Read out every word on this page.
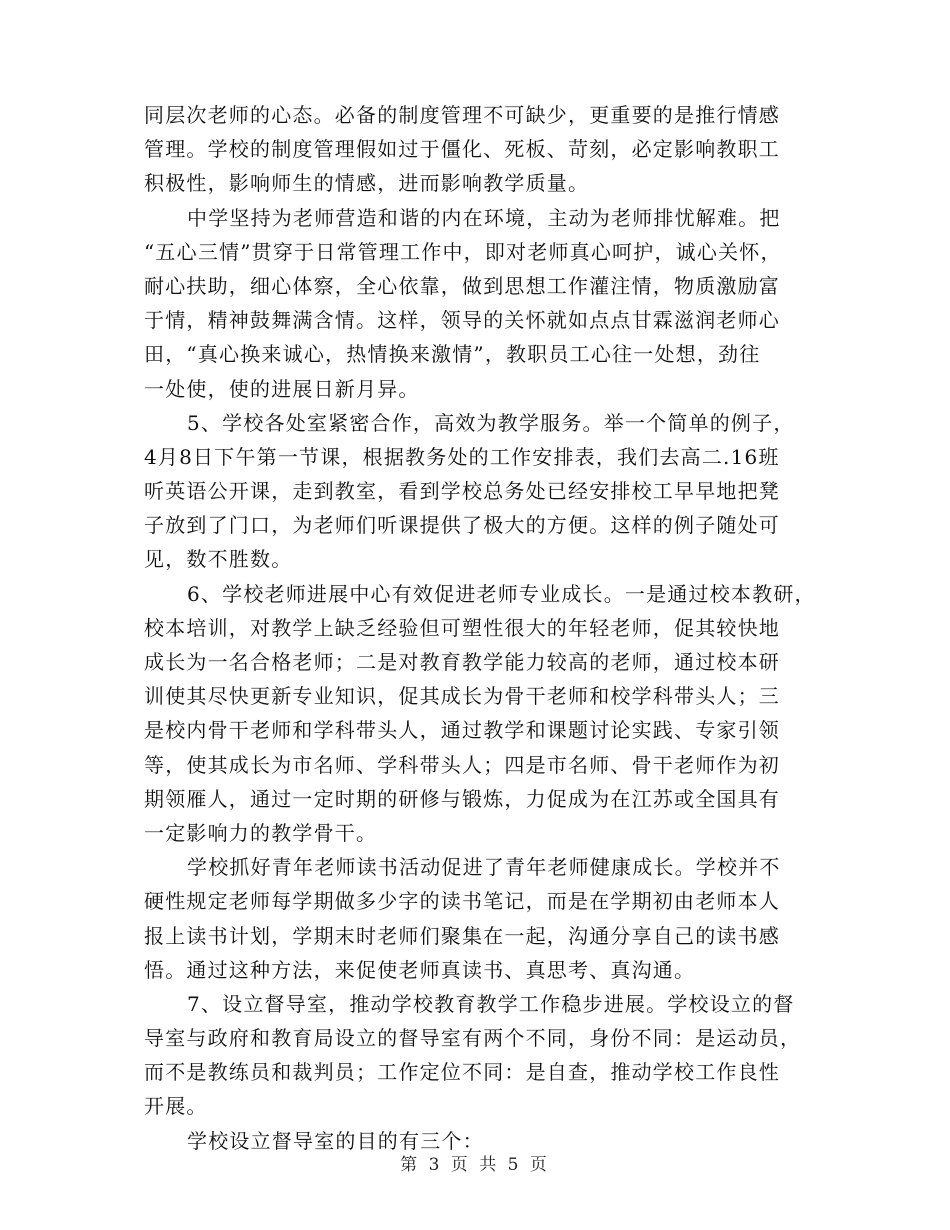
同层次老师的心态。必备的制度管理不可缺少，更重要的是推行情感
管理。学校的制度管理假如过于僵化、死板、苛刻，必定影响教职工
积极性，影响师生的情感，进而影响教学质量。
中学坚持为老师营造和谐的内在环境，主动为老师排忧解难。把
“五心三情”贯穿于日常管理工作中，即对老师真心呵护，诚心关怀，
耐心扶助，细心体察，全心依靠，做到思想工作灌注情，物质激励富
于情，精神鼓舞满含情。这样，领导的关怀就如点点甘霖滋润老师心
田，“真心换来诚心，热情换来激情”，教职员工心往一处想，劲往
一处使，使的进展日新月异。
5、学校各处室紧密合作，高效为教学服务。举一个简单的例子，
4月8日下午第一节课，根据教务处的工作安排表，我们去高二.16班
听英语公开课，走到教室，看到学校总务处已经安排校工早早地把凳
子放到了门口，为老师们听课提供了极大的方便。这样的例子随处可
见，数不胜数。
6、学校老师进展中心有效促进老师专业成长。一是通过校本教研，
校本培训，对教学上缺乏经验但可塑性很大的年轻老师，促其较快地
成长为一名合格老师；二是对教育教学能力较高的老师，通过校本研
训使其尽快更新专业知识，促其成长为骨干老师和校学科带头人；三
是校内骨干老师和学科带头人，通过教学和课题讨论实践、专家引领
等，使其成长为市名师、学科带头人；四是市名师、骨干老师作为初
期领雁人，通过一定时期的研修与锻炼，力促成为在江苏或全国具有
一定影响力的教学骨干。
学校抓好青年老师读书活动促进了青年老师健康成长。学校并不
硬性规定老师每学期做多少字的读书笔记，而是在学期初由老师本人
报上读书计划，学期末时老师们聚集在一起，沟通分享自己的读书感
悟。通过这种方法，来促使老师真读书、真思考、真沟通。
7、设立督导室，推动学校教育教学工作稳步进展。学校设立的督
导室与政府和教育局设立的督导室有两个不同，身份不同：是运动员，
而不是教练员和裁判员；工作定位不同：是自查，推动学校工作良性
开展。
学校设立督导室的目的有三个：
第 3 页 共 5 页
